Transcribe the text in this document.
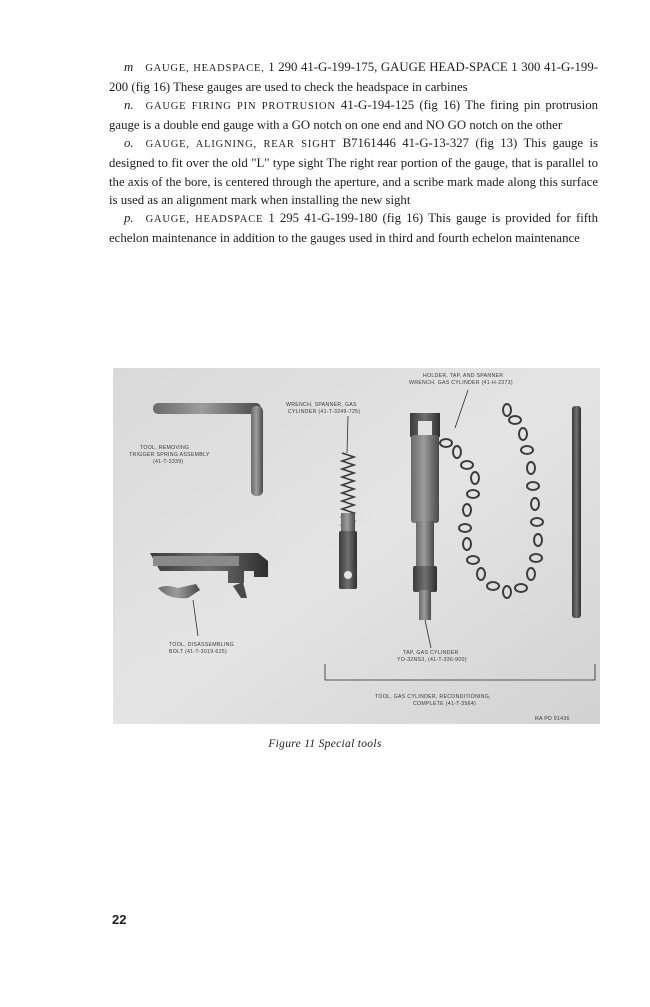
m GAUGE, HEADSPACE, 1 290 41-G-199-175, GAUGE HEAD-SPACE 1 300 41-G-199-200 (fig 16) These gauges are used to check the headspace in carbines

n. GAUGE FIRING PIN PROTRUSION 41-G-194-125 (fig 16) The firing pin protrusion gauge is a double end gauge with a GO notch on one end and NO GO notch on the other

o. GAUGE, ALIGNING, REAR SIGHT B7161446 41-G-13-327 (fig 13) This gauge is designed to fit over the old "L" type sight The right rear portion of the gauge, that is parallel to the axis of the bore, is centered through the aperture, and a scribe mark made along this surface is used as an alignment mark when installing the new sight

p. GAUGE, HEADSPACE 1 295 41-G-199-180 (fig 16) This gauge is provided for fifth echelon maintenance in addition to the gauges used in third and fourth echelon maintenance

HOLDER, TAP, AND SPANNER
WRENCH, GAS CYLINDER (41-H-2373)
WRENCH, SPANNER, GAS
CYLINDER (41-T-3249-725)
TOOL, REMOVING
TRIGGER SPRING ASSEMBLY
(41-T-3339)
TOOL, DISASSEMBLING
BOLT (41-T-3019-625)	TAP, GAS CYLINDER
YO-32NS3, (41-T-336-900)
TOOL, GAS CYLINDER, RECONDITIONING,
COMPLETE (41-T-3564)
RA PD 91436
Figure 11 Special tools
22
